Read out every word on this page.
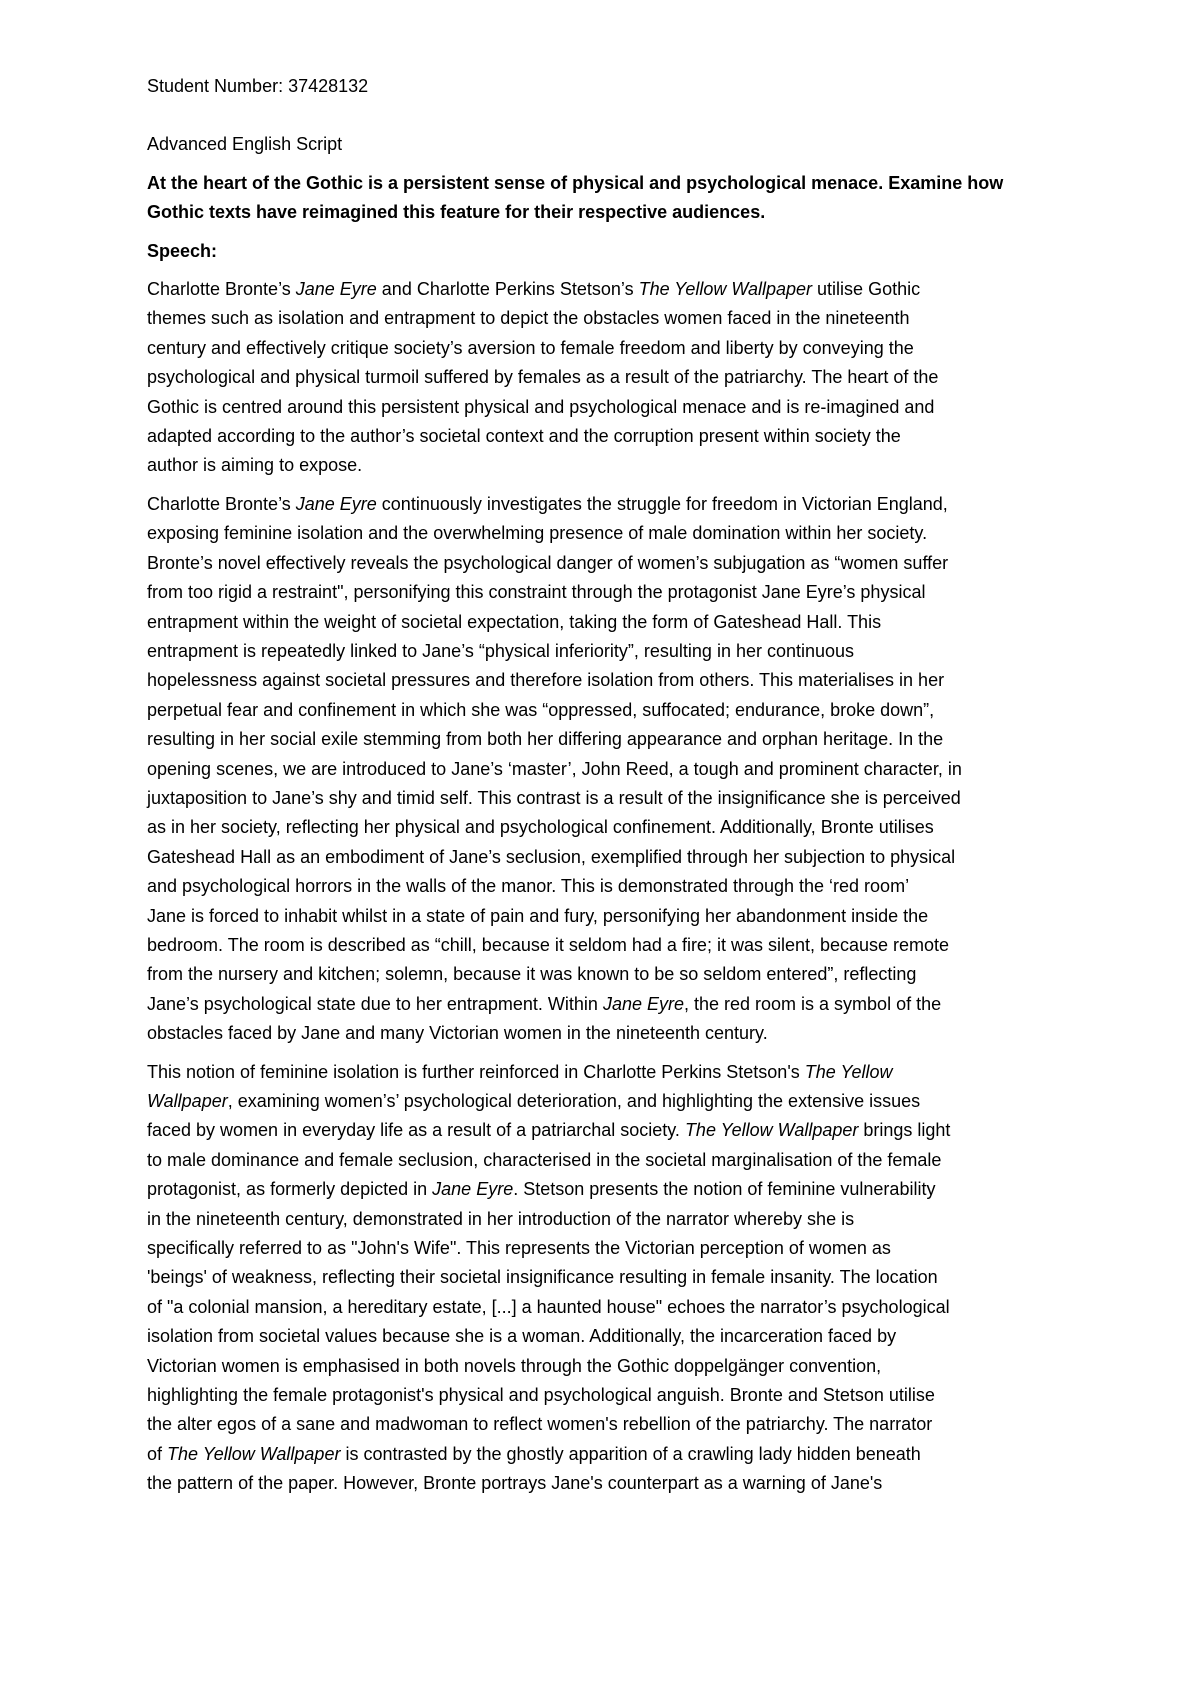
Student Number: 37428132
Advanced English Script
At the heart of the Gothic is a persistent sense of physical and psychological menace. Examine how
Gothic texts have reimagined this feature for their respective audiences.
Speech:
Charlotte Bronte’s Jane Eyre and Charlotte Perkins Stetson’s The Yellow Wallpaper utilise Gothic
themes such as isolation and entrapment to depict the obstacles women faced in the nineteenth
century and effectively critique society’s aversion to female freedom and liberty by conveying the
psychological and physical turmoil suffered by females as a result of the patriarchy. The heart of the
Gothic is centred around this persistent physical and psychological menace and is re-imagined and
adapted according to the author’s societal context and the corruption present within society the
author is aiming to expose.
Charlotte Bronte’s Jane Eyre continuously investigates the struggle for freedom in Victorian England,
exposing feminine isolation and the overwhelming presence of male domination within her society.
Bronte’s novel effectively reveals the psychological danger of women’s subjugation as “women suffer
from too rigid a restraint", personifying this constraint through the protagonist Jane Eyre’s physical
entrapment within the weight of societal expectation, taking the form of Gateshead Hall. This
entrapment is repeatedly linked to Jane’s “physical inferiority”, resulting in her continuous
hopelessness against societal pressures and therefore isolation from others. This materialises in her
perpetual fear and confinement in which she was “oppressed, suffocated; endurance, broke down”,
resulting in her social exile stemming from both her differing appearance and orphan heritage. In the
opening scenes, we are introduced to Jane’s ‘master’, John Reed, a tough and prominent character, in
juxtaposition to Jane’s shy and timid self. This contrast is a result of the insignificance she is perceived
as in her society, reflecting her physical and psychological confinement. Additionally, Bronte utilises
Gateshead Hall as an embodiment of Jane’s seclusion, exemplified through her subjection to physical
and psychological horrors in the walls of the manor. This is demonstrated through the ‘red room’
Jane is forced to inhabit whilst in a state of pain and fury, personifying her abandonment inside the
bedroom. The room is described as “chill, because it seldom had a fire; it was silent, because remote
from the nursery and kitchen; solemn, because it was known to be so seldom entered”, reflecting
Jane’s psychological state due to her entrapment. Within Jane Eyre, the red room is a symbol of the
obstacles faced by Jane and many Victorian women in the nineteenth century.
This notion of feminine isolation is further reinforced in Charlotte Perkins Stetson's The Yellow
Wallpaper, examining women’s’ psychological deterioration, and highlighting the extensive issues
faced by women in everyday life as a result of a patriarchal society. The Yellow Wallpaper brings light
to male dominance and female seclusion, characterised in the societal marginalisation of the female
protagonist, as formerly depicted in Jane Eyre. Stetson presents the notion of feminine vulnerability
in the nineteenth century, demonstrated in her introduction of the narrator whereby she is
specifically referred to as "John's Wife". This represents the Victorian perception of women as
'beings' of weakness, reflecting their societal insignificance resulting in female insanity. The location
of "a colonial mansion, a hereditary estate, [...] a haunted house" echoes the narrator’s psychological
isolation from societal values because she is a woman. Additionally, the incarceration faced by
Victorian women is emphasised in both novels through the Gothic doppelgänger convention,
highlighting the female protagonist's physical and psychological anguish. Bronte and Stetson utilise
the alter egos of a sane and madwoman to reflect women's rebellion of the patriarchy. The narrator
of The Yellow Wallpaper is contrasted by the ghostly apparition of a crawling lady hidden beneath
the pattern of the paper. However, Bronte portrays Jane's counterpart as a warning of Jane's
